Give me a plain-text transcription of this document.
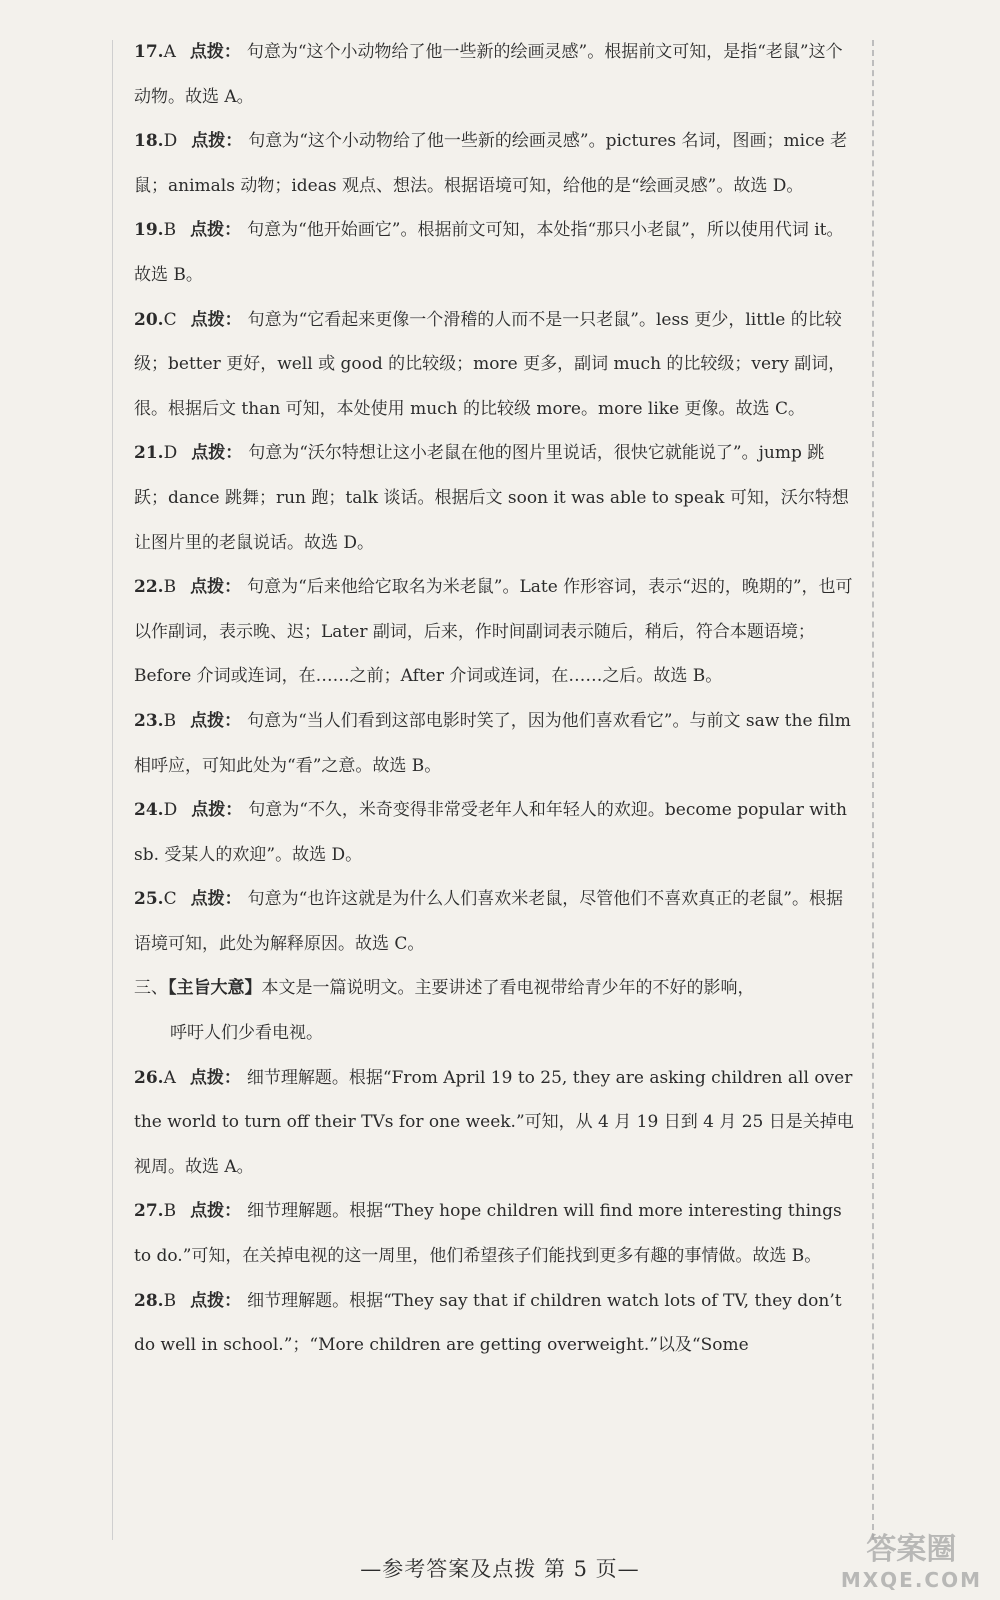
17.A 点拨： 句意为“这个小动物给了他一些新的绘画灵感”。根据前文可知，是指“老鼠”这个动物。故选 A。

18.D 点拨： 句意为“这个小动物给了他一些新的绘画灵感”。pictures 名词，图画；mice 老鼠；animals 动物；ideas 观点、想法。根据语境可知，给他的是“绘画灵感”。故选 D。

19.B 点拨： 句意为“他开始画它”。根据前文可知，本处指“那只小老鼠”，所以使用代词 it。故选 B。

20.C 点拨： 句意为“它看起来更像一个滑稽的人而不是一只老鼠”。less 更少，little 的比较级；better 更好，well 或 good 的比较级；more 更多，副词 much 的比较级；very 副词，很。根据后文 than 可知，本处使用 much 的比较级 more。more like 更像。故选 C。

21.D 点拨： 句意为“沃尔特想让这小老鼠在他的图片里说话，很快它就能说了”。jump 跳跃；dance 跳舞；run 跑；talk 谈话。根据后文 soon it was able to speak 可知，沃尔特想让图片里的老鼠说话。故选 D。

22.B 点拨： 句意为“后来他给它取名为米老鼠”。Late 作形容词，表示“迟的，晚期的”，也可以作副词，表示晚、迟；Later 副词，后来，作时间副词表示随后，稍后，符合本题语境；Before 介词或连词，在……之前；After 介词或连词，在……之后。故选 B。

23.B 点拨： 句意为“当人们看到这部电影时笑了，因为他们喜欢看它”。与前文 saw the film 相呼应，可知此处为“看”之意。故选 B。

24.D 点拨： 句意为“不久，米奇变得非常受老年人和年轻人的欢迎。become popular with sb. 受某人的欢迎”。故选 D。

25.C 点拨： 句意为“也许这就是为什么人们喜欢米老鼠，尽管他们不喜欢真正的老鼠”。根据语境可知，此处为解释原因。故选 C。

三、【主旨大意】本文是一篇说明文。主要讲述了看电视带给青少年的不好的影响，
呼吁人们少看电视。

26.A 点拨： 细节理解题。根据“From April 19 to 25, they are asking children all over the world to turn off their TVs for one week.”可知，从 4 月 19 日到 4 月 25 日是关掉电视周。故选 A。

27.B 点拨： 细节理解题。根据“They hope children will find more interesting things to do.”可知，在关掉电视的这一周里，他们希望孩子们能找到更多有趣的事情做。故选 B。

28.B 点拨： 细节理解题。根据“They say that if children watch lots of TV, they don’t do well in school.”；“More children are getting overweight.”以及“Some

—参考答案及点拨 第 5 页—
答案圈
MXQE.COM
